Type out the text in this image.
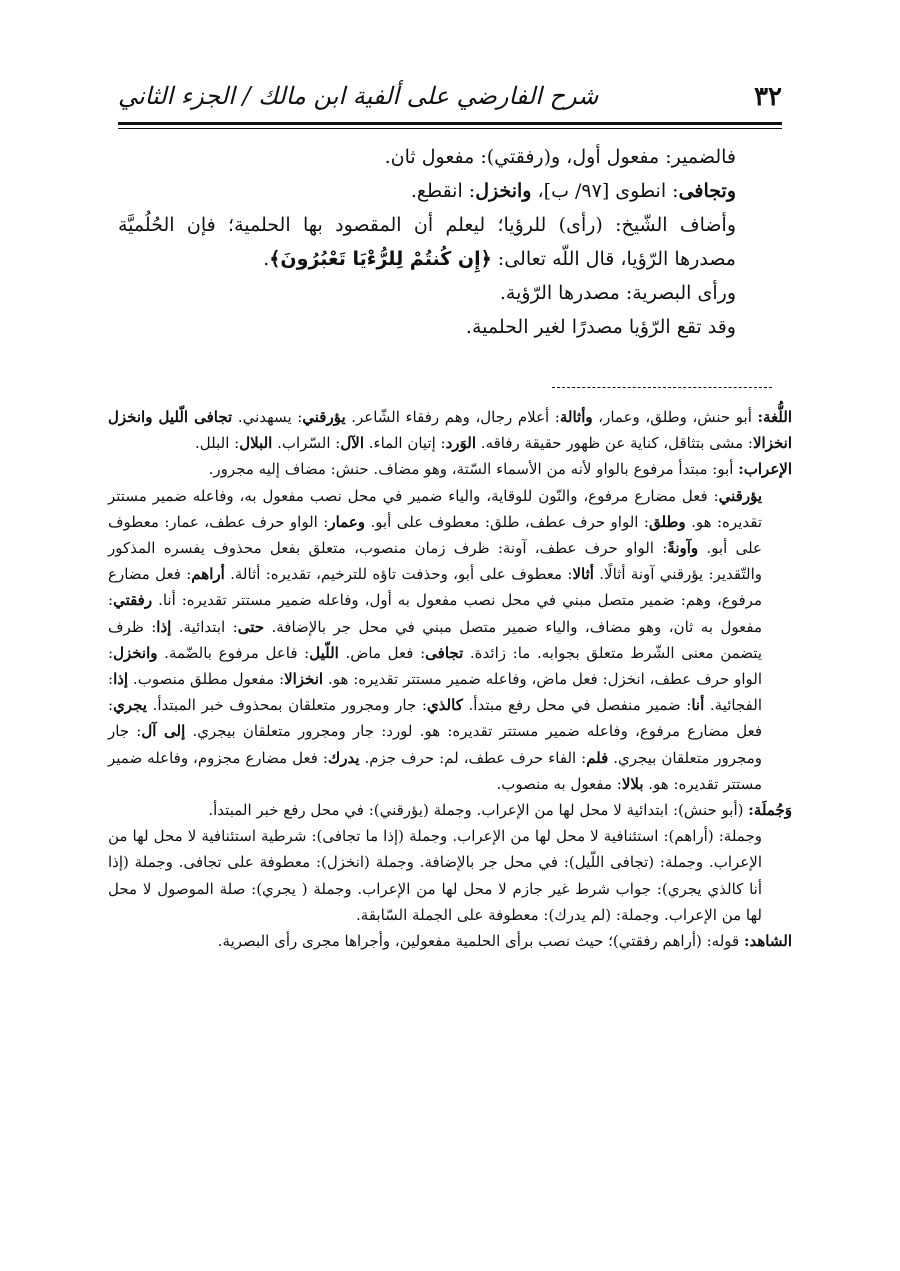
٣٢
شرح الفارضي على ألفية ابن مالك / الجزء الثاني

فالضمير: مفعول أول، و(رفقتي): مفعول ثان.

وتجافى: انطوى [٩٧/ ب]، وانخزل: انقطع.

وأضاف الشّيخ: (رأى) للرؤيا؛ ليعلم أن المقصود بها الحلمية؛ فإن الحُلُميَّة مصدرها الرّؤيا، قال اللّه تعالى: ﴿إِن كُنتُمْ لِلرُّءْيَا تَعْبُرُونَ﴾.

ورأى البصرية: مصدرها الرّؤية.

وقد تقع الرّؤيا مصدرًا لغير الحلمية.

اللُّغة: أبو حنش، وطلق، وعمار، وأثالة: أعلام رجال، وهم رفقاء الشّاعر. يؤرقني: يسهدني. تجافى الّليل وانخزل انخزالا: مشى بتثاقل، كناية عن ظهور حقيقة رفاقه. الوَرد: إتيان الماء. الآل: السّراب. البلال: البلل.

الإعراب: أبو: مبتدأ مرفوع بالواو لأنه من الأسماء السّتة، وهو مضاف. حنش: مضاف إليه مجرور.

يؤرقني: فعل مضارع مرفوع، والنّون للوقاية، والياء ضمير في محل نصب مفعول به، وفاعله ضمير مستتر تقديره: هو. وطلق: الواو حرف عطف، طلق: معطوف على أبو. وعمار: الواو حرف عطف، عمار: معطوف على أبو. وآونةً: الواو حرف عطف، آونة: ظرف زمان منصوب، متعلق بفعل محذوف يفسره المذكور والتّقدير: يؤرقني آونة أثالًا. أثالا: معطوف على أبو، وحذفت تاؤه للترخيم، تقديره: أثالة. أراهم: فعل مضارع مرفوع، وهم: ضمير متصل مبني في محل نصب مفعول به أول، وفاعله ضمير مستتر تقديره: أنا. رفقتي: مفعول به ثان، وهو مضاف، والياء ضمير متصل مبني في محل جر بالإضافة. حتى: ابتدائية. إذا: ظرف يتضمن معنى الشّرط متعلق بجوابه. ما: زائدة. تجافى: فعل ماض. اللّيل: فاعل مرفوع بالضّمة. وانخزل: الواو حرف عطف، انخزل: فعل ماض، وفاعله ضمير مستتر تقديره: هو. انخزالا: مفعول مطلق منصوب. إذا: الفجائية. أنا: ضمير منفصل في محل رفع مبتدأ. كالذي: جار ومجرور متعلقان بمحذوف خبر المبتدأ. يجري: فعل مضارع مرفوع، وفاعله ضمير مستتر تقديره: هو. لورد: جار ومجرور متعلقان بيجري. إلى آل: جار ومجرور متعلقان بيجري. فلم: الفاء حرف عطف، لم: حرف جزم. يدرك: فعل مضارع مجزوم، وفاعله ضمير مستتر تقديره: هو. بلالا: مفعول به منصوب.

وَجُملَة: (أبو حنش): ابتدائية لا محل لها من الإعراب. وجملة (يؤرقني): في محل رفع خبر المبتدأ.

وجملة: (أراهم): استئنافية لا محل لها من الإعراب. وجملة (إذا ما تجافى): شرطية استئنافية لا محل لها من الإعراب. وجملة: (تجافى اللّيل): في محل جر بالإضافة. وجملة (انخزل): معطوفة على تجافى. وجملة (إذا أنا كالذي يجري): جواب شرط غير جازم لا محل لها من الإعراب. وجملة ( يجري): صلة الموصول لا محل لها من الإعراب. وجملة: (لم يدرك): معطوفة على الجملة السّابقة.

الشاهد: قوله: (أراهم رفقتي)؛ حيث نصب برأى الحلمية مفعولين، وأجراها مجرى رأى البصرية.
